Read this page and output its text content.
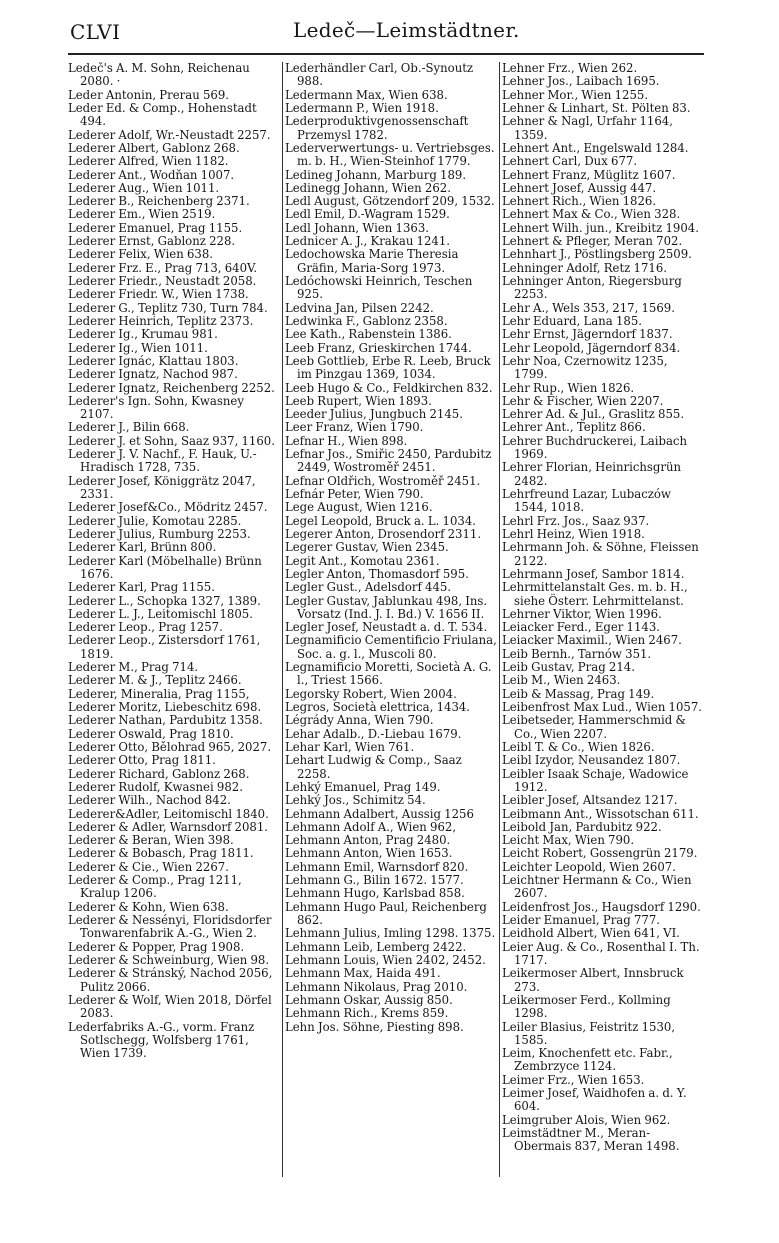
CLVI	Ledeč—Leimstädtner.

Ledeč's A. M. Sohn, Reichenau 2080. ·

Leder Antonin, Prerau 569.

Leder Ed. & Comp., Hohenstadt 494.

Lederer Adolf, Wr.-Neustadt 2257.

Lederer Albert, Gablonz 268.

Lederer Alfred, Wien 1182.

Lederer Ant., Wodňan 1007.

Lederer Aug., Wien 1011.

Lederer B., Reichenberg 2371.

Lederer Em., Wien 2519.

Lederer Emanuel, Prag 1155.

Lederer Ernst, Gablonz 228.

Lederer Felix, Wien 638.

Lederer Frz. E., Prag 713, 640V.

Lederer Friedr., Neustadt 2058.

Lederer Friedr. W., Wien 1738.

Lederer G., Teplitz 730, Turn 784.

Lederer Heinrich, Teplitz 2373.

Lederer Ig., Krumau 981.

Lederer Ig., Wien 1011.

Lederer Ignác, Klattau 1803.

Lederer Ignatz, Nachod 987.

Lederer Ignatz, Reichenberg 2252.

Lederer's Ign. Sohn, Kwasney 2107.

Lederer J., Bilin 668.

Lederer J. et Sohn, Saaz 937, 1160.

Lederer J. V. Nachf., F. Hauk, U.-Hradisch 1728, 735.

Lederer Josef, Königgrätz 2047, 2331.

Lederer Josef&Co., Mödritz 2457.

Lederer Julie, Komotau 2285.

Lederer Julius, Rumburg 2253.

Lederer Karl, Brünn 800.

Lederer Karl (Möbelhalle) Brünn 1676.

Lederer Karl, Prag 1155.

Lederer L., Schopka 1327, 1389.

Lederer L. J., Leitomischl 1805.

Lederer Leop., Prag 1257.

Lederer Leop., Zistersdorf 1761, 1819.

Lederer M., Prag 714.

Lederer M. & J., Teplitz 2466.

Lederer, Mineralia, Prag 1155,

Lederer Moritz, Liebeschitz 698.

Lederer Nathan, Pardubitz 1358.

Lederer Oswald, Prag 1810.

Lederer Otto, Bělohrad 965, 2027.

Lederer Otto, Prag 1811.

Lederer Richard, Gablonz 268.

Lederer Rudolf, Kwasnei 982.

Lederer Wilh., Nachod 842.

Lederer&Adler, Leitomischl 1840.

Lederer & Adler, Warnsdorf 2081.

Lederer & Beran, Wien 398.

Lederer & Bobasch, Prag 1811.

Lederer & Cie., Wien 2267.

Lederer & Comp., Prag 1211, Kralup 1206.

Lederer & Kohn, Wien 638.

Lederer & Nessényi, Floridsdorfer Tonwarenfabrik A.-G., Wien 2.

Lederer & Popper, Prag 1908.

Lederer & Schweinburg, Wien 98.

Lederer & Stránský, Nachod 2056, Pulitz 2066.

Lederer & Wolf, Wien 2018, Dörfel 2083.

Lederfabriks A.-G., vorm. Franz Sotlschegg, Wolfsberg 1761, Wien 1739.

Lederhändler Carl, Ob.-Synoutz 988.

Ledermann Max, Wien 638.

Ledermann P., Wien 1918.

Lederproduktivgenossenschaft Przemysl 1782.

Lederverwertungs- u. Vertriebsges. m. b. H., Wien-Steinhof 1779.

Ledineg Johann, Marburg 189.

Ledinegg Johann, Wien 262.

Ledl August, Götzendorf 209, 1532.

Ledl Emil, D.-Wagram 1529.

Ledl Johann, Wien 1363.

Lednicer A. J., Krakau 1241.

Ledochowska Marie Theresia Gräfin, Maria-Sorg 1973.

Ledóchowski Heinrich, Teschen 925.

Ledvina Jan, Pilsen 2242.

Ledwinka F., Gablonz 2358.

Lee Kath., Rabenstein 1386.

Leeb Franz, Grieskirchen 1744.

Leeb Gottlieb, Erbe R. Leeb, Bruck im Pinzgau 1369, 1034.

Leeb Hugo & Co., Feldkirchen 832.

Leeb Rupert, Wien 1893.

Leeder Julius, Jungbuch 2145.

Leer Franz, Wien 1790.

Lefnar H., Wien 898.

Lefnar Jos., Smiřic 2450, Pardubitz 2449, Wostroměř 2451.

Lefnar Oldřich, Wostroměř 2451.

Lefnár Peter, Wien 790.

Lege August, Wien 1216.

Legel Leopold, Bruck a. L. 1034.

Legerer Anton, Drosendorf 2311.

Legerer Gustav, Wien 2345.

Legit Ant., Komotau 2361.

Legler Anton, Thomasdorf 595.

Legler Gust., Adelsdorf 445.

Legler Gustav, Jablunkau 498, Ins. Vorsatz (Ind. J. I. Bd.) V. 1656 II.

Legler Josef, Neustadt a. d. T. 534.

Legnamificio Cementificio Friulana, Soc. a. g. l., Muscoli 80.

Legnamificio Moretti, Società A. G. l., Triest 1566.

Legorsky Robert, Wien 2004.

Legros, Società elettrica, 1434.

Légrády Anna, Wien 790.

Lehar Adalb., D.-Liebau 1679.

Lehar Karl, Wien 761.

Lehart Ludwig & Comp., Saaz 2258.

Lehký Emanuel, Prag 149.

Lehký Jos., Schimitz 54.

Lehmann Adalbert, Aussig 1256

Lehmann Adolf A., Wien 962,

Lehmann Anton, Prag 2480.

Lehmann Anton, Wien 1653.

Lehmann Emil, Warnsdorf 820.

Lehmann G., Bilin 1672. 1577.

Lehmann Hugo, Karlsbad 858.

Lehmann Hugo Paul, Reichenberg 862.

Lehmann Julius, Imling 1298. 1375.

Lehmann Leib, Lemberg 2422.

Lehmann Louis, Wien 2402, 2452.

Lehmann Max, Haida 491.

Lehmann Nikolaus, Prag 2010.

Lehmann Oskar, Aussig 850.

Lehmann Rich., Krems 859.

Lehn Jos. Söhne, Piesting 898.

Lehner Frz., Wien 262.

Lehner Jos., Laibach 1695.

Lehner Mor., Wien 1255.

Lehner & Linhart, St. Pölten 83.

Lehner & Nagl, Urfahr 1164, 1359.

Lehnert Ant., Engelswald 1284.

Lehnert Carl, Dux 677.

Lehnert Franz, Müglitz 1607.

Lehnert Josef, Aussig 447.

Lehnert Rich., Wien 1826.

Lehnert Max & Co., Wien 328.

Lehnert Wilh. jun., Kreibitz 1904.

Lehnert & Pfleger, Meran 702.

Lehnhart J., Pöstlingsberg 2509.

Lehninger Adolf, Retz 1716.

Lehninger Anton, Riegersburg 2253.

Lehr A., Wels 353, 217, 1569.

Lehr Eduard, Lana 185.

Lehr Ernst, Jägerndorf 1837.

Lehr Leopold, Jägerndorf 834.

Lehr Noa, Czernowitz 1235, 1799.

Lehr Rup., Wien 1826.

Lehr & Fischer, Wien 2207.

Lehrer Ad. & Jul., Graslitz 855.

Lehrer Ant., Teplitz 866.

Lehrer Buchdruckerei, Laibach 1969.

Lehrer Florian, Heinrichsgrün 2482.

Lehrfreund Lazar, Lubaczów 1544, 1018.

Lehrl Frz. Jos., Saaz 937.

Lehrl Heinz, Wien 1918.

Lehrmann Joh. & Söhne, Fleissen 2122.

Lehrmann Josef, Sambor 1814.

Lehrmittelanstalt Ges. m. b. H., siehe Österr. Lehrmittelanst.

Lehrner Viktor, Wien 1996.

Leiacker Ferd., Eger 1143.

Leiacker Maximil., Wien 2467.

Leib Bernh., Tarnów 351.

Leib Gustav, Prag 214.

Leib M., Wien 2463.

Leib & Massag, Prag 149.

Leibenfrost Max Lud., Wien 1057.

Leibetseder, Hammerschmid & Co., Wien 2207.

Leibl T. & Co., Wien 1826.

Leibl Izydor, Neusandez 1807.

Leibler Isaak Schaje, Wadowice 1912.

Leibler Josef, Altsandez 1217.

Leibmann Ant., Wissotschan 611.

Leibold Jan, Pardubitz 922.

Leicht Max, Wien 790.

Leicht Robert, Gossengrün 2179.

Leichter Leopold, Wien 2607.

Leichtner Hermann & Co., Wien 2607.

Leidenfrost Jos., Haugsdorf 1290.

Leider Emanuel, Prag 777.

Leidhold Albert, Wien 641, VI.

Leier Aug. & Co., Rosenthal I. Th. 1717.

Leikermoser Albert, Innsbruck 273.

Leikermoser Ferd., Kollming 1298.

Leiler Blasius, Feistritz 1530, 1585.

Leim, Knochenfett etc. Fabr., Zembrzyce 1124.

Leimer Frz., Wien 1653.

Leimer Josef, Waidhofen a. d. Y. 604.

Leimgruber Alois, Wien 962.

Leimstädtner M., Meran-Obermais 837, Meran 1498.
